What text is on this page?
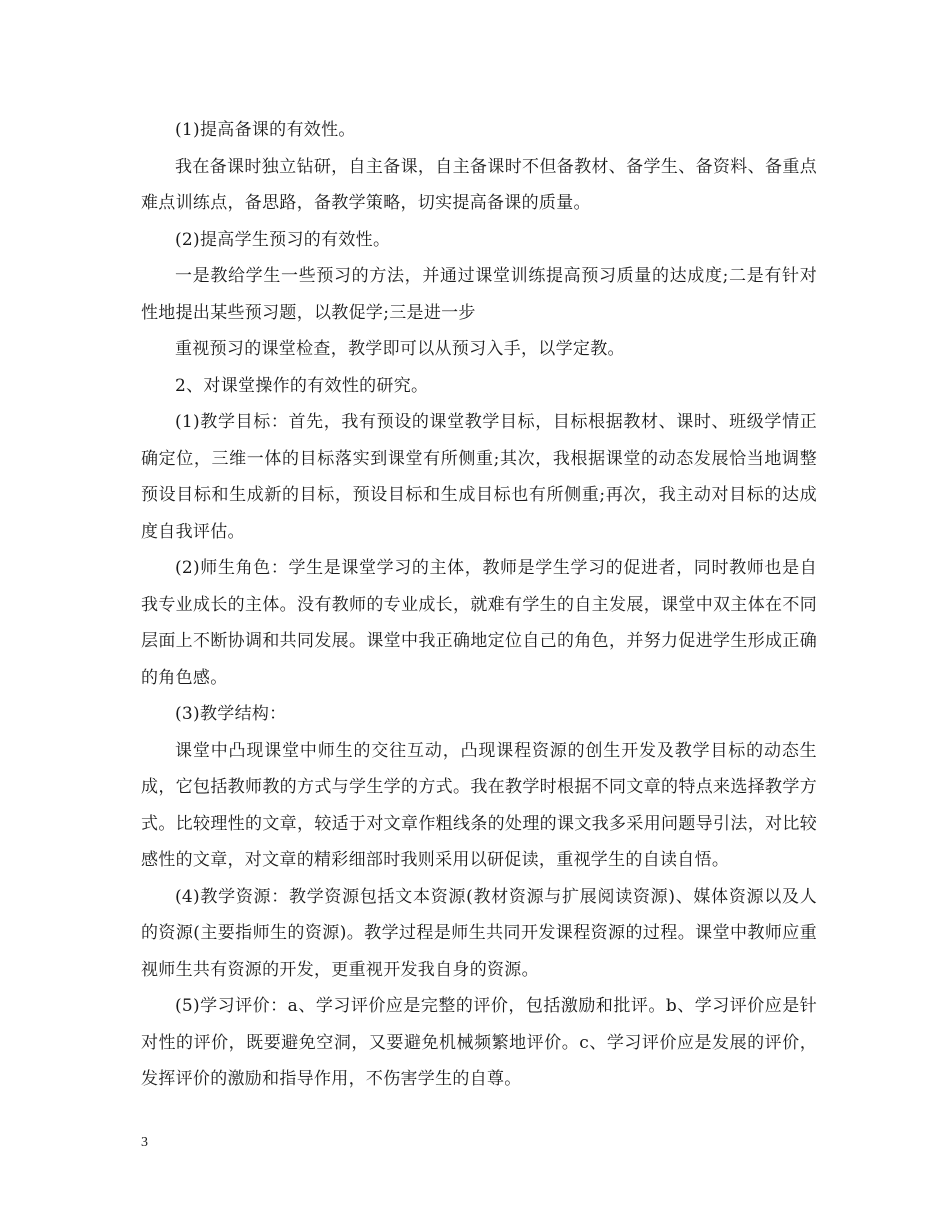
(1)提高备课的有效性。

我在备课时独立钻研，自主备课，自主备课时不但备教材、备学生、备资料、备重点难点训练点，备思路，备教学策略，切实提高备课的质量。

(2)提高学生预习的有效性。

一是教给学生一些预习的方法，并通过课堂训练提高预习质量的达成度;二是有针对性地提出某些预习题，以教促学;三是进一步

重视预习的课堂检查，教学即可以从预习入手，以学定教。

2、对课堂操作的有效性的研究。

(1)教学目标：首先，我有预设的课堂教学目标，目标根据教材、课时、班级学情正确定位，三维一体的目标落实到课堂有所侧重;其次，我根据课堂的动态发展恰当地调整预设目标和生成新的目标，预设目标和生成目标也有所侧重;再次，我主动对目标的达成度自我评估。

(2)师生角色：学生是课堂学习的主体，教师是学生学习的促进者，同时教师也是自我专业成长的主体。没有教师的专业成长，就难有学生的自主发展，课堂中双主体在不同层面上不断协调和共同发展。课堂中我正确地定位自己的角色，并努力促进学生形成正确的角色感。

(3)教学结构：

课堂中凸现课堂中师生的交往互动，凸现课程资源的创生开发及教学目标的动态生成，它包括教师教的方式与学生学的方式。我在教学时根据不同文章的特点来选择教学方式。比较理性的文章，较适于对文章作粗线条的处理的课文我多采用问题导引法，对比较感性的文章，对文章的精彩细部时我则采用以研促读，重视学生的自读自悟。

(4)教学资源：教学资源包括文本资源(教材资源与扩展阅读资源)、媒体资源以及人的资源(主要指师生的资源)。教学过程是师生共同开发课程资源的过程。课堂中教师应重视师生共有资源的开发，更重视开发我自身的资源。

(5)学习评价：a、学习评价应是完整的评价，包括激励和批评。b、学习评价应是针对性的评价，既要避免空洞，又要避免机械频繁地评价。c、学习评价应是发展的评价，发挥评价的激励和指导作用，不伤害学生的自尊。

3
